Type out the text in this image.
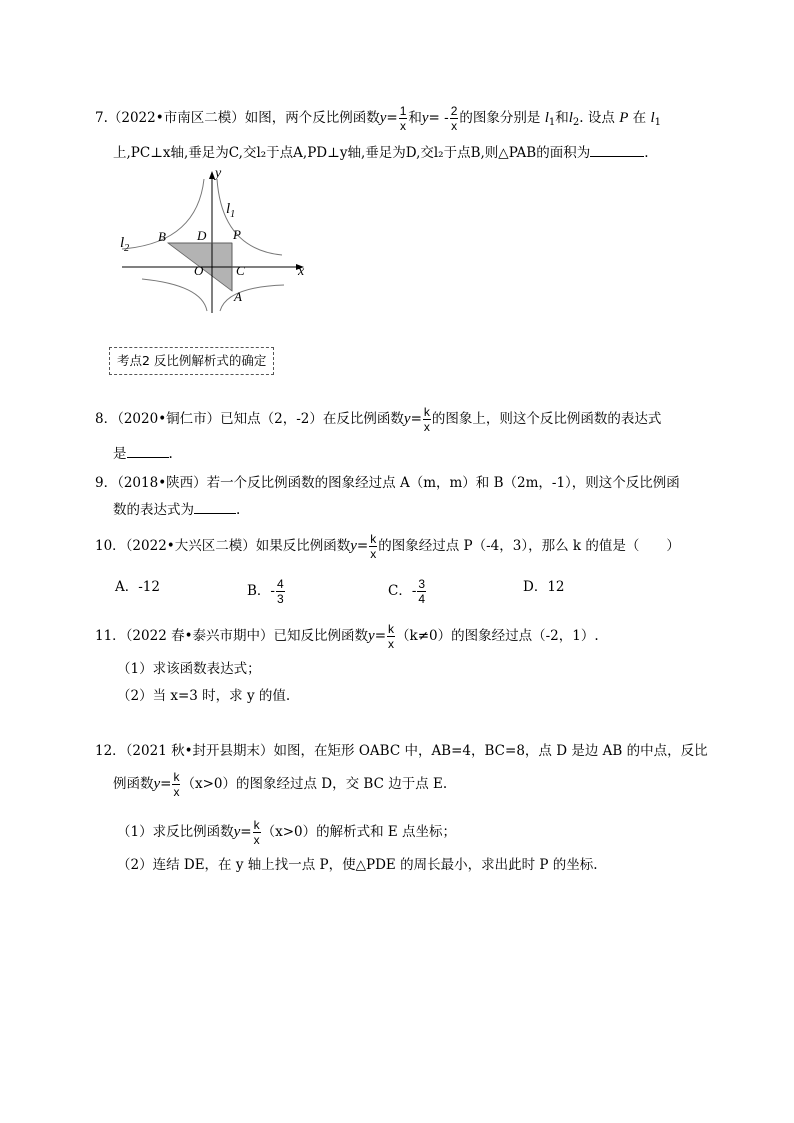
7.（2022•市南区二模）如图，两个反比例函数$y= \frac{1}{x}$ 和$y= - \frac{2}{x}$ 的图象分别是 $l_1$和$l_2$. 设点 P 在 $l_1$
上,PC⊥x轴,垂足为C,交l₂于点A,PD⊥y轴,垂足为D,交l₂于点B,则△PAB的面积为	.
y
x
$l_1$
$l_2$
B D P
O	C
A
考点2 反比例解析式的确定
8．（2020•铜仁市）已知点（2，-2）在反比例函数$y= \frac{k}{x}$ 的图象上，则这个反比例函数的表达式
是	.
9．（2018•陕西）若一个反比例函数的图象经过点 A（m，m）和 B（2m，-1），则这个反比例函
数的表达式为	.
10．（2022•大兴区二模）如果反比例函数$y= \frac{k}{x}$ 的图象经过点 P（-4，3），那么 k 的值是（　　）
A．-12	B．- $\frac{4}{3}$	C．- $\frac{3}{4}$	D．12
11．（2022 春•泰兴市期中）已知反比例函数$y= \frac{k}{x} (k\ne 0)$的图象经过点（-2，1）.
（1）求该函数表达式；
（2）当 x=3 时，求 y 的值.
12．（2021 秋•封开县期末）如图，在矩形 OABC 中，AB=4，BC=8，点 D 是边 AB 的中点，反比
例函数$y= \frac{k}{x} (x>0)$的图象经过点 D，交 BC 边于点 E.
（1）求反比例函数$y= \frac{k}{x} (x>0)$的解析式和 E 点坐标；
（2）连结 DE，在 y 轴上找一点 P，使△PDE 的周长最小，求出此时 P 的坐标.
